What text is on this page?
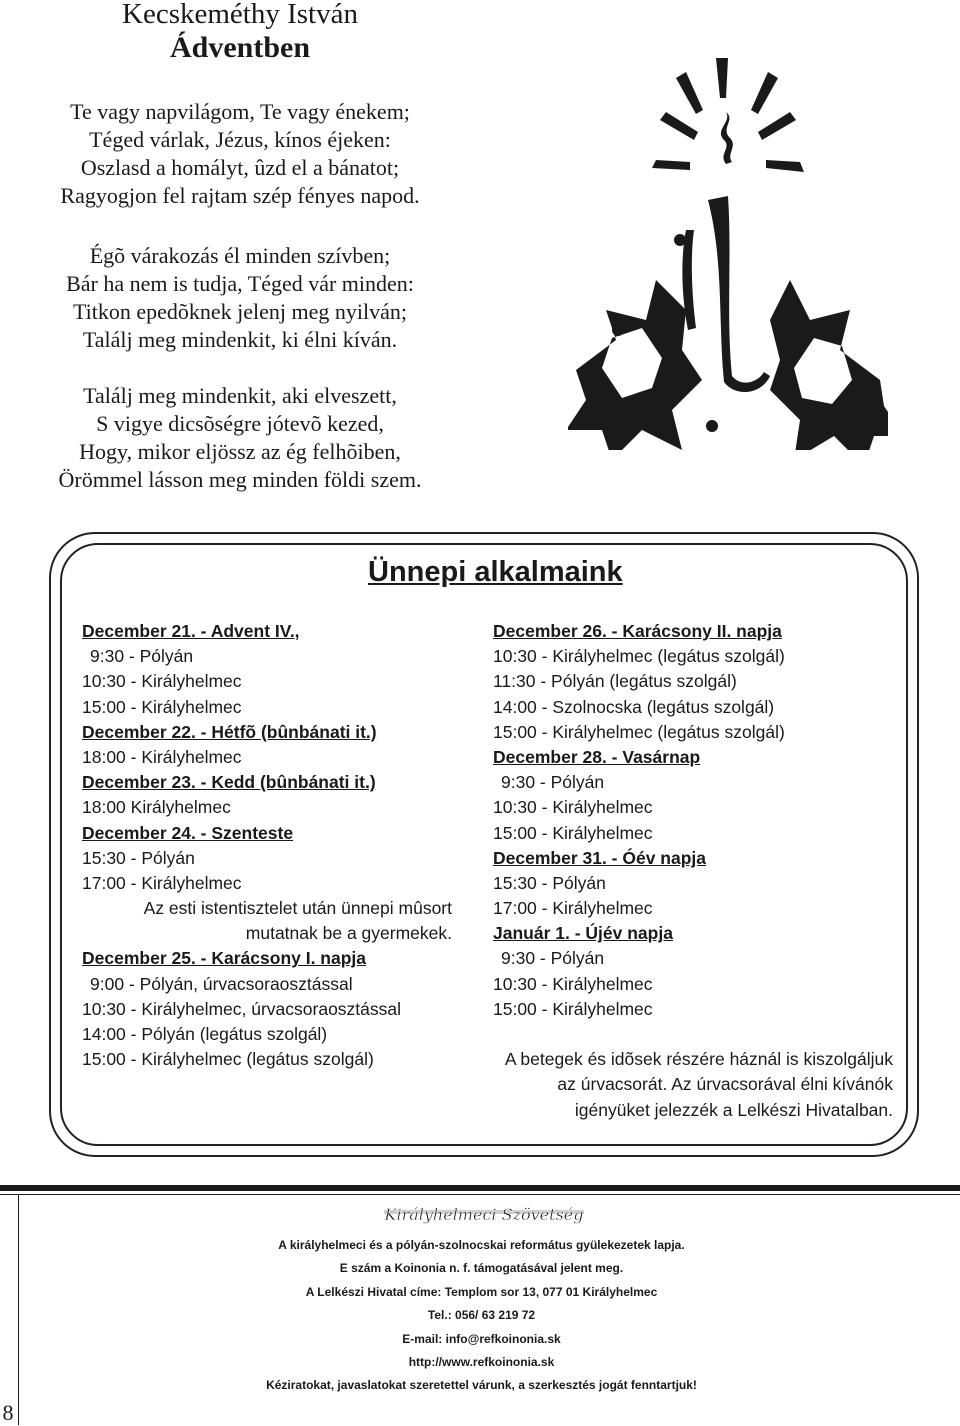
Kecskeméthy István
Ádventben
Te vagy napvilágom, Te vagy énekem;
Téged várlak, Jézus, kínos éjeken:
Oszlasd a homályt, ûzd el a bánatot;
Ragyogjon fel rajtam szép fényes napod.
Égõ várakozás él minden szívben;
Bár ha nem is tudja, Téged vár minden:
Titkon epedõknek jelenj meg nyilván;
Találj meg mindenkit, ki élni kíván.
Találj meg mindenkit, aki elveszett,
S vigye dicsõségre jótevõ kezed,
Hogy, mikor eljössz az ég felhõiben,
Örömmel lásson meg minden földi szem.
Ünnepi alkalmaink
December 21. - Advent IV.,
9:30 - Pólyán
10:30 - Királyhelmec
15:00 - Királyhelmec
December 22. - Hétfõ (bûnbánati it.)
18:00 - Királyhelmec
December 23. - Kedd (bûnbánati it.)
18:00 Királyhelmec
December 24. - Szenteste
15:30 - Pólyán
17:00 - Királyhelmec
Az esti istentisztelet után ünnepi mûsort
mutatnak be a gyermekek.
December 25. - Karácsony I. napja
9:00 - Pólyán, úrvacsoraosztással
10:30 - Királyhelmec, úrvacsoraosztással
14:00 - Pólyán (legátus szolgál)
15:00 - Királyhelmec (legátus szolgál)
December 26. - Karácsony II. napja
10:30 - Királyhelmec (legátus szolgál)
11:30 - Pólyán (legátus szolgál)
14:00 - Szolnocska (legátus szolgál)
15:00 - Királyhelmec (legátus szolgál)
December 28. - Vasárnap
9:30 - Pólyán
10:30 - Királyhelmec
15:00 - Királyhelmec
December 31. - Óév napja
15:30 - Pólyán
17:00 - Királyhelmec
Január 1. - Újév napja
9:30 - Pólyán
10:30 - Királyhelmec
15:00 - Királyhelmec
A betegek és idõsek részére háznál is kiszolgáljuk
az úrvacsorát. Az úrvacsorával élni kívánók
igényüket jelezzék a Lelkészi Hivatalban.
8
Királyhelmeci Szövetség
A királyhelmeci és a pólyán-szolnocskai református gyülekezetek lapja.
E szám a Koinonia n. f. támogatásával jelent meg.
A Lelkészi Hivatal címe: Templom sor 13, 077 01 Királyhelmec
Tel.: 056/ 63 219 72
E-mail: info@refkoinonia.sk
http://www.refkoinonia.sk
Kéziratokat, javaslatokat szeretettel várunk, a szerkesztés jogát fenntartjuk!
